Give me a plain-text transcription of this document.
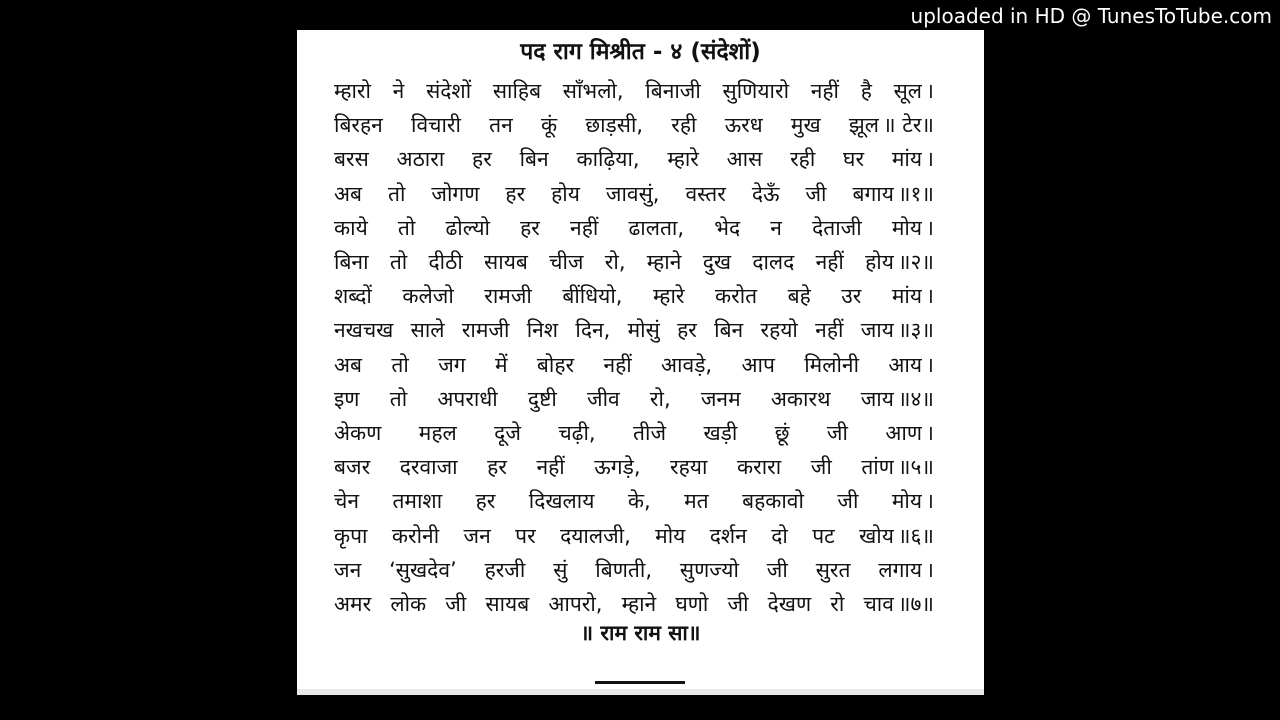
uploaded in HD @ TunesToTube.com
पद राग मिश्रीत - ४ (संदेशों)
म्हारो ने संदेशों साहिब साँभलो, बिनाजी सुणियारो नहीं है सूल ।
बिरहन विचारी तन कूं छाड़सी, रही ऊरध मुख झूल ॥ टेर॥
बरस अठारा हर बिन काढ़िया, म्हारे आस रही घर मांय ।
अब तो जोगण हर होय जावसुं, वस्तर देऊँ जी बगाय ॥१॥
काये तो ढोल्यो हर नहीं ढालता, भेद न देताजी मोय ।
बिना तो दीठी सायब चीज रो, म्हाने दुख दालद नहीं होय ॥२॥
शब्दों कलेजो रामजी बींधियो, म्हारे करोत बहे उर मांय ।
नखचख साले रामजी निश दिन, मोसुं हर बिन रहयो नहीं जाय ॥३॥
अब तो जग में बोहर नहीं आवड़े, आप मिलोनी आय ।
इण तो अपराधी दुष्टी जीव रो, जनम अकारथ जाय ॥४॥
अेकण महल दूजे चढ़ी, तीजे खड़ी छूं जी आण ।
बजर दरवाजा हर नहीं ऊगड़े, रहया करारा जी तांण ॥५॥
चेन तमाशा हर दिखलाय के, मत बहकावो जी मोय ।
कृपा करोनी जन पर दयालजी, मोय दर्शन दो पट खोय ॥६॥
जन ‘सुखदेव’ हरजी सुं बिणती, सुणज्यो जी सुरत लगाय ।
अमर लोक जी सायब आपरो, म्हाने घणो जी देखण रो चाव ॥७॥
॥ राम राम सा॥
